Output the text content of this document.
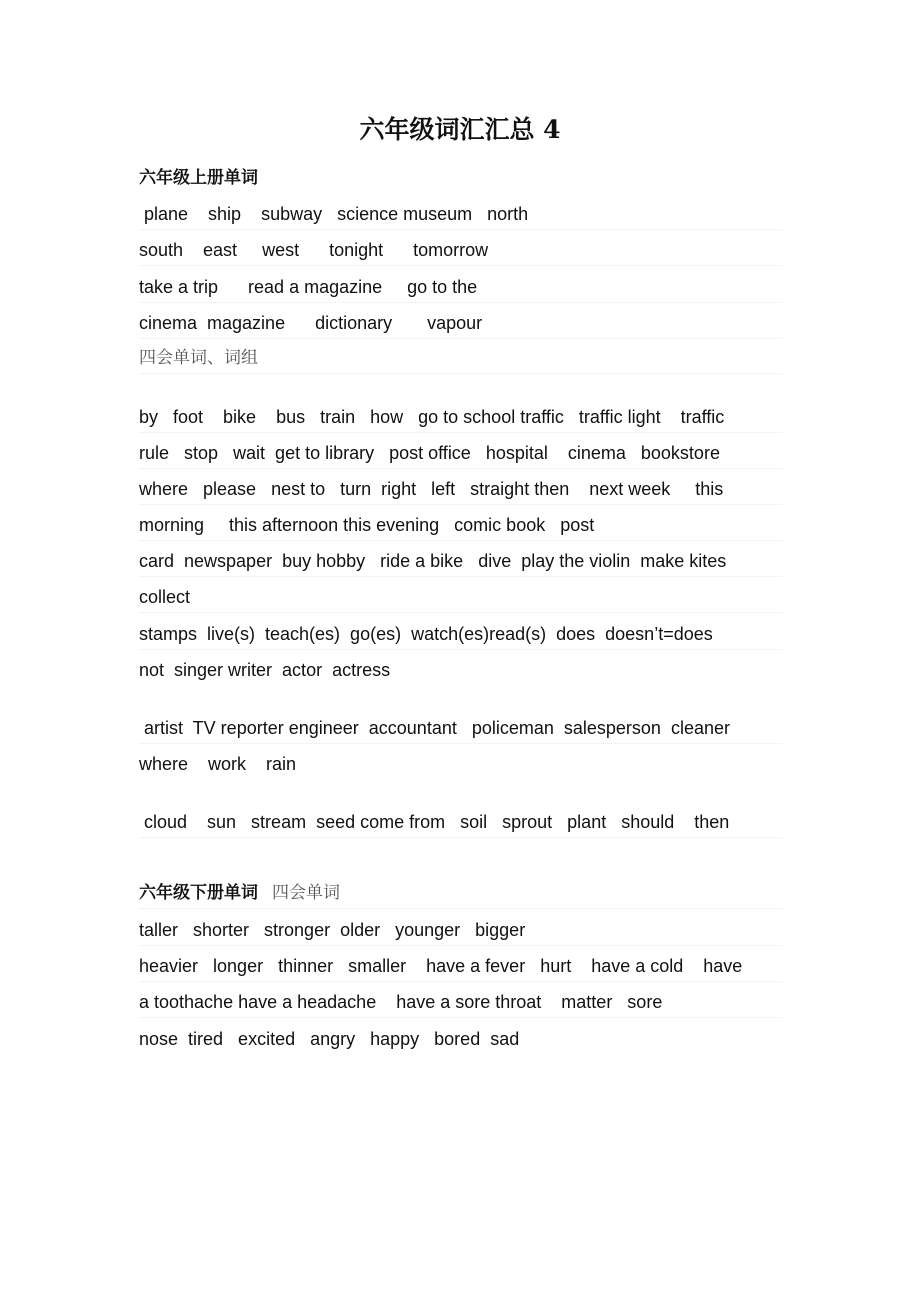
六年级词汇汇总 4
六年级上册单词
plane    ship    subway   science museum   north
south    east     west      tonight      tomorrow
take a trip      read a magazine     go to the
cinema  magazine      dictionary       vapour
四会单词、词组
by   foot    bike    bus   train   how   go to school traffic   traffic light    traffic
rule   stop   wait  get to library   post office   hospital    cinema   bookstore
where   please   nest to   turn  right   left   straight then    next week     this
morning     this afternoon this evening   comic book   post
card  newspaper  buy hobby   ride a bike   dive  play the violin  make kites
collect
stamps  live(s)  teach(es)  go(es)  watch(es)read(s)  does  doesn’t=does
not  singer writer  actor  actress
artist  TV reporter engineer  accountant   policeman  salesperson  cleaner
where    work    rain
cloud    sun   stream  seed come from   soil   sprout   plant   should    then
六年级下册单词 四会单词
taller   shorter   stronger  older   younger   bigger
heavier   longer   thinner   smaller    have a fever   hurt    have a cold    have
a toothache have a headache    have a sore throat    matter   sore
nose  tired   excited   angry   happy   bored  sad
